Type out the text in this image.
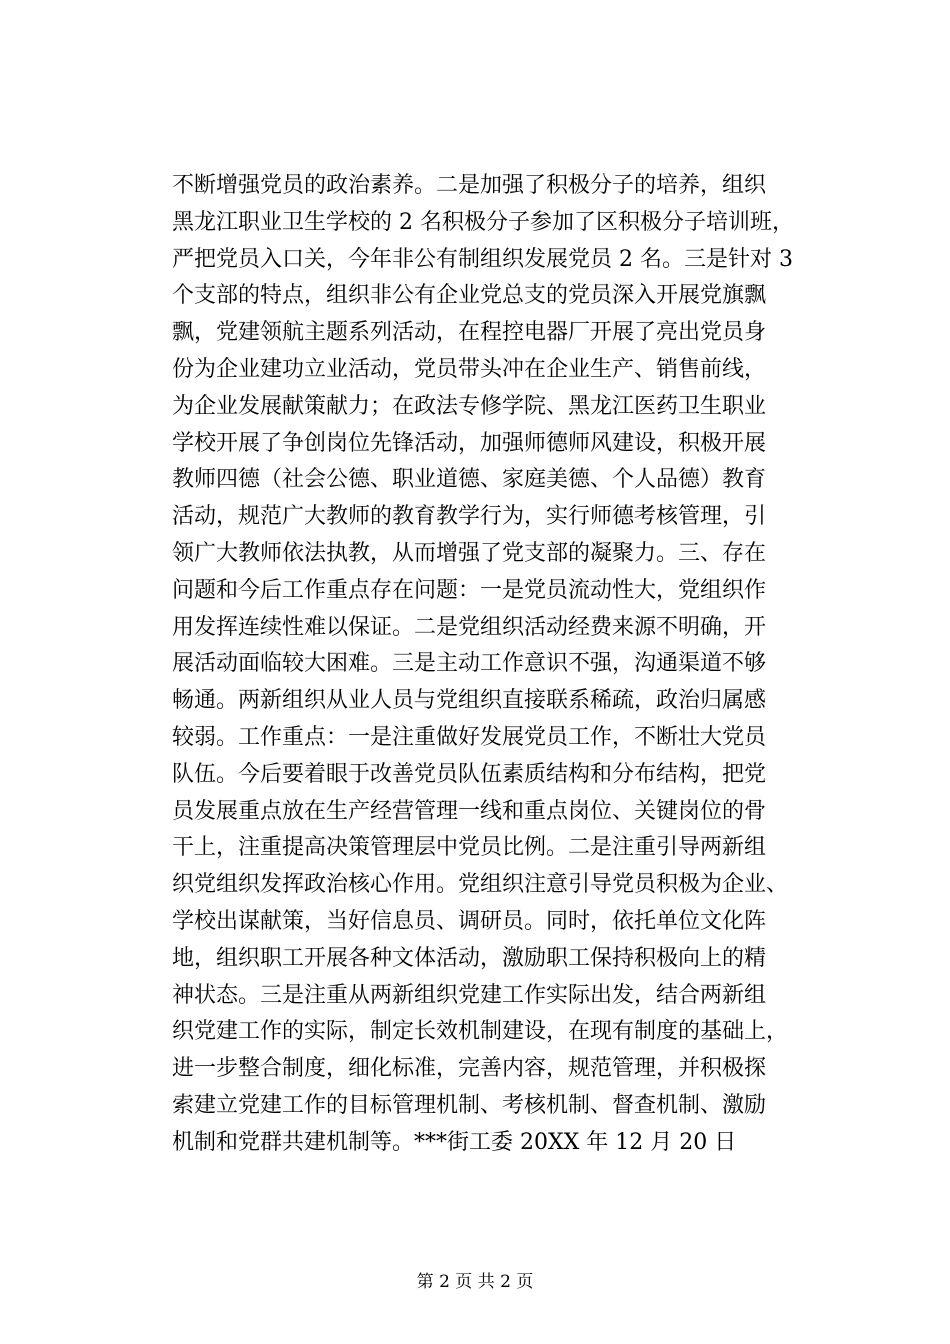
不断增强党员的政治素养。二是加强了积极分子的培养，组织
黑龙江职业卫生学校的 2 名积极分子参加了区积极分子培训班，
严把党员入口关，今年非公有制组织发展党员 2 名。三是针对 3
个支部的特点，组织非公有企业党总支的党员深入开展党旗飘
飘，党建领航主题系列活动，在程控电器厂开展了亮出党员身
份为企业建功立业活动，党员带头冲在企业生产、销售前线，
为企业发展献策献力；在政法专修学院、黑龙江医药卫生职业
学校开展了争创岗位先锋活动，加强师德师风建设，积极开展
教师四德（社会公德、职业道德、家庭美德、个人品德）教育
活动，规范广大教师的教育教学行为，实行师德考核管理，引
领广大教师依法执教，从而增强了党支部的凝聚力。三、存在
问题和今后工作重点存在问题：一是党员流动性大，党组织作
用发挥连续性难以保证。二是党组织活动经费来源不明确，开
展活动面临较大困难。三是主动工作意识不强，沟通渠道不够
畅通。两新组织从业人员与党组织直接联系稀疏，政治归属感
较弱。工作重点：一是注重做好发展党员工作，不断壮大党员
队伍。今后要着眼于改善党员队伍素质结构和分布结构，把党
员发展重点放在生产经营管理一线和重点岗位、关键岗位的骨
干上，注重提高决策管理层中党员比例。二是注重引导两新组
织党组织发挥政治核心作用。党组织注意引导党员积极为企业、
学校出谋献策，当好信息员、调研员。同时，依托单位文化阵
地，组织职工开展各种文体活动，激励职工保持积极向上的精
神状态。三是注重从两新组织党建工作实际出发，结合两新组
织党建工作的实际，制定长效机制建设，在现有制度的基础上，
进一步整合制度，细化标准，完善内容，规范管理，并积极探
索建立党建工作的目标管理机制、考核机制、督查机制、激励
机制和党群共建机制等。***街工委 20XX 年 12 月 20 日
第 2 页 共 2 页
